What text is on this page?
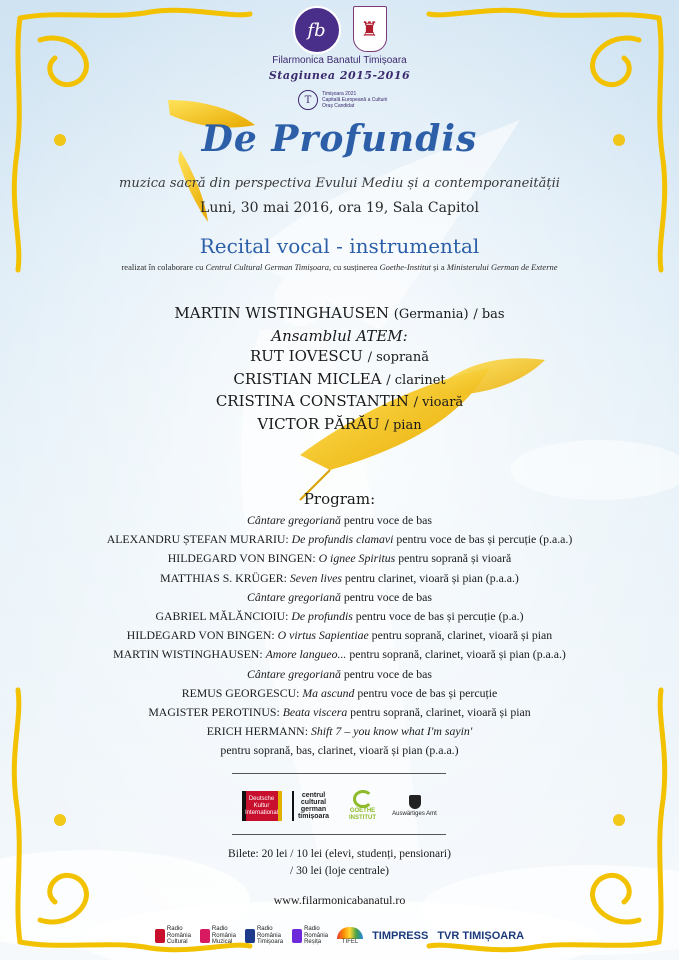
fb ♜
Filarmonica Banatul Timișoara
Stagiunea 2015-2016
T
Timișoara 2021
Capitală Europeană a Culturii
Oraș Candidat
De Profundis
muzica sacră din perspectiva Evului Mediu și a contemporaneității
Luni, 30 mai 2016, ora 19, Sala Capitol
Recital vocal - instrumental
realizat în colaborare cu Centrul Cultural German Timișoara, cu susținerea Goethe-Institut și a Ministerului German de Externe
MARTIN WISTINGHAUSEN (Germania) / bas
Ansamblul ATEM:
RUT IOVESCU / soprană
CRISTIAN MICLEA / clarinet
CRISTINA CONSTANTIN / vioară
VICTOR PĂRĂU / pian
Program:
Cântare gregoriană pentru voce de bas
ALEXANDRU ȘTEFAN MURARIU: De profundis clamavi pentru voce de bas și percuție (p.a.a.)
HILDEGARD VON BINGEN: O ignee Spiritus pentru soprană și vioară
MATTHIAS S. KRÜGER: Seven lives pentru clarinet, vioară și pian (p.a.a.)
Cântare gregoriană pentru voce de bas
GABRIEL MĂLĂNCIOIU: De profundis pentru voce de bas și percuție (p.a.)
HILDEGARD VON BINGEN: O virtus Sapientiae pentru soprană, clarinet, vioară și pian
MARTIN WISTINGHAUSEN: Amore langueo... pentru soprană, clarinet, vioară și pian (p.a.a.)
Cântare gregoriană pentru voce de bas
REMUS GEORGESCU: Ma ascund pentru voce de bas și percuție
MAGISTER PEROTINUS: Beata viscera pentru soprană, clarinet, vioară și pian
ERICH HERMANN: Shift 7 – you know what I'm sayin'
pentru soprană, bas, clarinet, vioară și pian (p.a.a.)
Deutsche Kultur International
centrul
cultural
german
timișoara
GOETHE
INSTITUT
Auswärtiges Amt
Bilete: 20 lei / 10 lei (elevi, studenți, pensionari)
/ 30 lei (loje centrale)
www.filarmonicabanatul.ro
Radio
România
Cultural
Radio
România
Muzical
Radio
România
Timișoara
Radio
România
Reșița	TIFEL	TIMPRESS TVR TIMIȘOARA
